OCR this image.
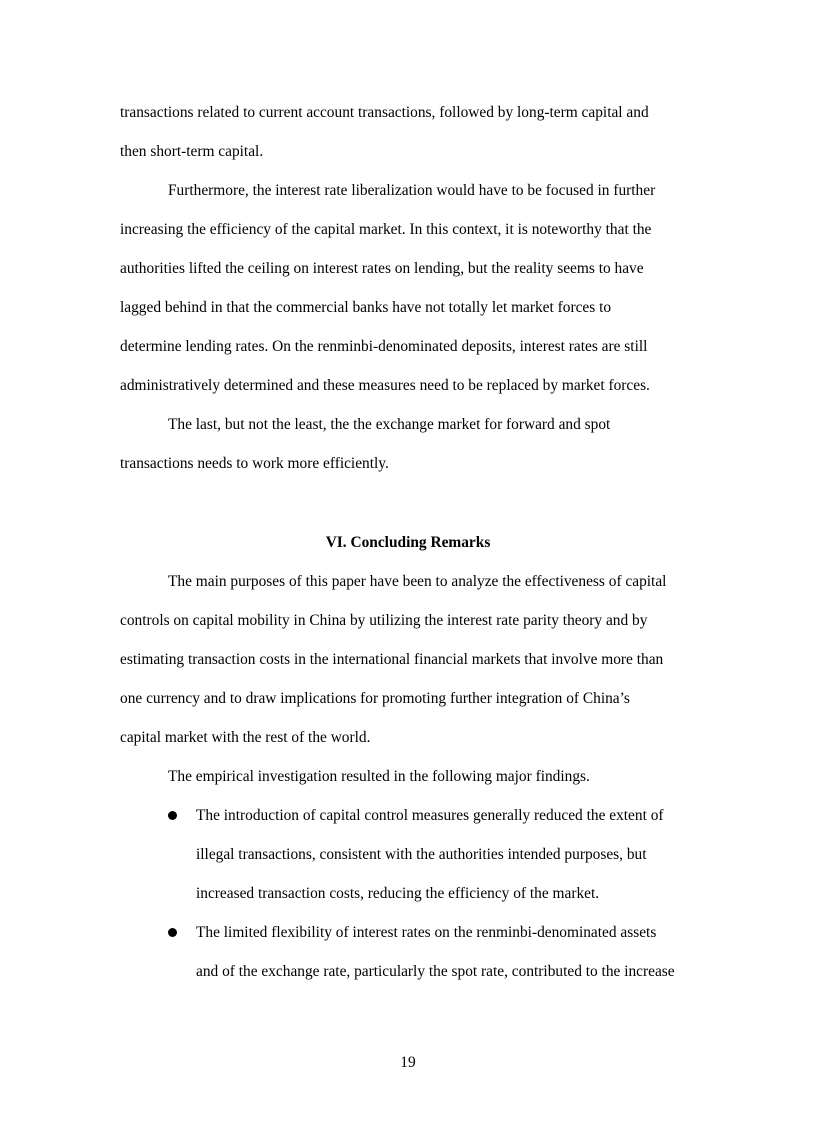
transactions related to current account transactions, followed by long-term capital and
then short-term capital.
Furthermore, the interest rate liberalization would have to be focused in further
increasing the efficiency of the capital market. In this context, it is noteworthy that the
authorities lifted the ceiling on interest rates on lending, but the reality seems to have
lagged behind in that the commercial banks have not totally let market forces to
determine lending rates. On the renminbi-denominated deposits, interest rates are still
administratively determined and these measures need to be replaced by market forces.
The last, but not the least, the the exchange market for forward and spot
transactions needs to work more efficiently.
VI. Concluding Remarks
The main purposes of this paper have been to analyze the effectiveness of capital
controls on capital mobility in China by utilizing the interest rate parity theory and by
estimating transaction costs in the international financial markets that involve more than
one currency and to draw implications for promoting further integration of China’s
capital market with the rest of the world.
The empirical investigation resulted in the following major findings.
The introduction of capital control measures generally reduced the extent of
illegal transactions, consistent with the authorities intended purposes, but
increased transaction costs, reducing the efficiency of the market.
The limited flexibility of interest rates on the renminbi-denominated assets
and of the exchange rate, particularly the spot rate, contributed to the increase
19
